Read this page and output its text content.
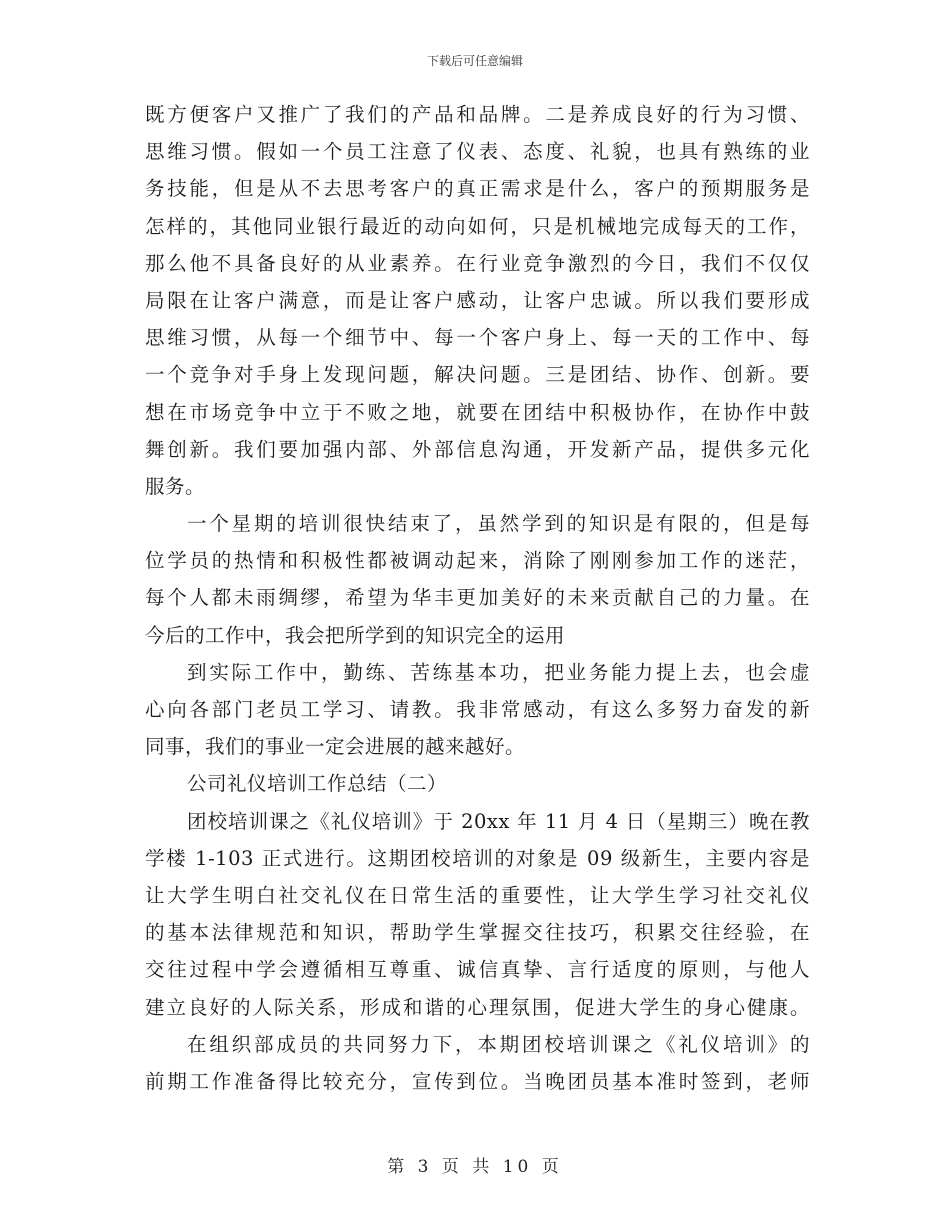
下载后可任意编辑
既方便客户又推广了我们的产品和品牌。二是养成良好的行为习惯、
思维习惯。假如一个员工注意了仪表、态度、礼貌，也具有熟练的业
务技能，但是从不去思考客户的真正需求是什么，客户的预期服务是
怎样的，其他同业银行最近的动向如何，只是机械地完成每天的工作，
那么他不具备良好的从业素养。在行业竞争激烈的今日，我们不仅仅
局限在让客户满意，而是让客户感动，让客户忠诚。所以我们要形成
思维习惯，从每一个细节中、每一个客户身上、每一天的工作中、每
一个竞争对手身上发现问题，解决问题。三是团结、协作、创新。要
想在市场竞争中立于不败之地，就要在团结中积极协作，在协作中鼓
舞创新。我们要加强内部、外部信息沟通，开发新产品，提供多元化
服务。
一个星期的培训很快结束了，虽然学到的知识是有限的，但是每
位学员的热情和积极性都被调动起来，消除了刚刚参加工作的迷茫，
每个人都未雨绸缪，希望为华丰更加美好的未来贡献自己的力量。在
今后的工作中，我会把所学到的知识完全的运用
到实际工作中，勤练、苦练基本功，把业务能力提上去，也会虚
心向各部门老员工学习、请教。我非常感动，有这么多努力奋发的新
同事，我们的事业一定会进展的越来越好。
公司礼仪培训工作总结（二）
团校培训课之《礼仪培训》于 20xx 年 11 月 4 日（星期三）晚在教
学楼 1-103 正式进行。这期团校培训的对象是 09 级新生，主要内容是
让大学生明白社交礼仪在日常生活的重要性，让大学生学习社交礼仪
的基本法律规范和知识，帮助学生掌握交往技巧，积累交往经验，在
交往过程中学会遵循相互尊重、诚信真挚、言行适度的原则，与他人
建立良好的人际关系，形成和谐的心理氛围，促进大学生的身心健康。
在组织部成员的共同努力下，本期团校培训课之《礼仪培训》的
前期工作准备得比较充分，宣传到位。当晚团员基本准时签到，老师
第 3 页 共 10 页
